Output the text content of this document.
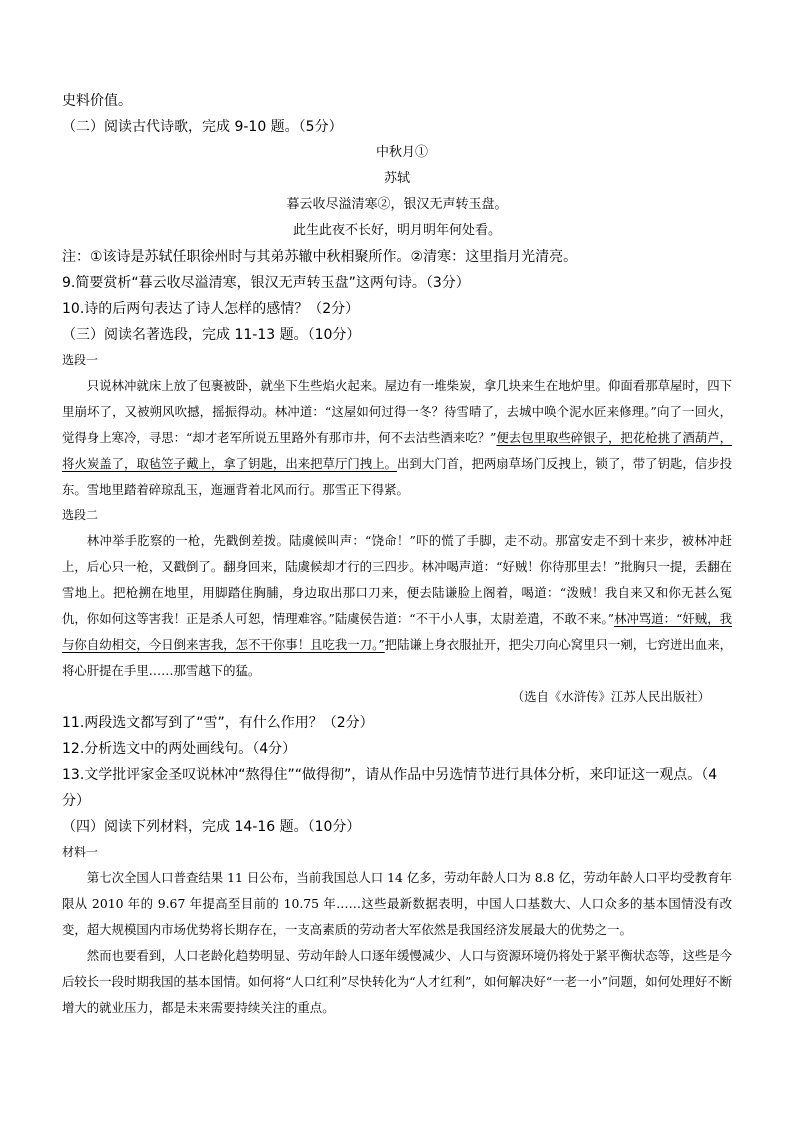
史料价值。
（二）阅读古代诗歌，完成 9-10 题。（5分）
中秋月①
苏轼
暮云收尽溢清寒②，银汉无声转玉盘。
此生此夜不长好，明月明年何处看。
注：①该诗是苏轼任职徐州时与其弟苏辙中秋相聚所作。②清寒：这里指月光清亮。
9.简要赏析“暮云收尽溢清寒，银汉无声转玉盘”这两句诗。（3分）
10.诗的后两句表达了诗人怎样的感情？（2分）
（三）阅读名著选段，完成 11-13 题。（10分）
选段一

只说林冲就床上放了包裹被卧，就坐下生些焰火起来。屋边有一堆柴炭，拿几块来生在地炉里。仰面看那草屋时，四下里崩坏了，又被朔风吹撼，摇振得动。林冲道：“这屋如何过得一冬？待雪晴了，去城中唤个泥水匠来修理。”向了一回火，觉得身上寒冷，寻思：“却才老军所说五里路外有那市井，何不去沽些酒来吃？”便去包里取些碎银子，把花枪挑了酒葫芦，将火炭盖了，取毡笠子戴上，拿了钥匙，出来把草厅门拽上。出到大门首，把两扇草场门反拽上，锁了，带了钥匙，信步投东。雪地里踏着碎琼乱玉，迤逦背着北风而行。那雪正下得紧。

选段二

林冲举手肐察的一枪，先戳倒差拨。陆虞候叫声：“饶命！”吓的慌了手脚，走不动。那富安走不到十来步，被林冲赶上，后心只一枪，又戳倒了。翻身回来，陆虞候却才行的三四步。林冲喝声道：“好贼！你待那里去！”批胸只一提，丢翻在雪地上。把枪搠在地里，用脚踏住胸脯，身边取出那口刀来，便去陆谦脸上阁着，喝道：“泼贼！我自来又和你无甚么冤仇，你如何这等害我！正是杀人可恕，情理难容。”陆虞侯告道：“不干小人事，太尉差遣，不敢不来。”林冲骂道：“奸贼，我与你自幼相交，今日倒来害我，怎不干你事！且吃我一刀。”把陆谦上身衣服扯开，把尖刀向心窝里只一剜，七窍迸出血来，将心肝提在手里……那雪越下的猛。

（选自《水浒传》江苏人民出版社）
11.两段选文都写到了“雪”，有什么作用？（2分）
12.分析选文中的两处画线句。（4分）
13.文学批评家金圣叹说林冲“熬得住”“做得彻”，请从作品中另选情节进行具体分析，来印证这一观点。（4分）
（四）阅读下列材料，完成 14-16 题。（10分）
材料一

第七次全国人口普查结果 11 日公布，当前我国总人口 14 亿多，劳动年龄人口为 8.8 亿，劳动年龄人口平均受教育年限从 2010 年的 9.67 年提高至目前的 10.75 年……这些最新数据表明，中国人口基数大、人口众多的基本国情没有改变，超大规模国内市场优势将长期存在，一支高素质的劳动者大军依然是我国经济发展最大的优势之一。

然而也要看到，人口老龄化趋势明显、劳动年龄人口逐年缓慢减少、人口与资源环境仍将处于紧平衡状态等，这些是今后较长一段时期我国的基本国情。如何将“人口红利”尽快转化为“人才红利”，如何解决好“一老一小”问题，如何处理好不断增大的就业压力，都是未来需要持续关注的重点。
